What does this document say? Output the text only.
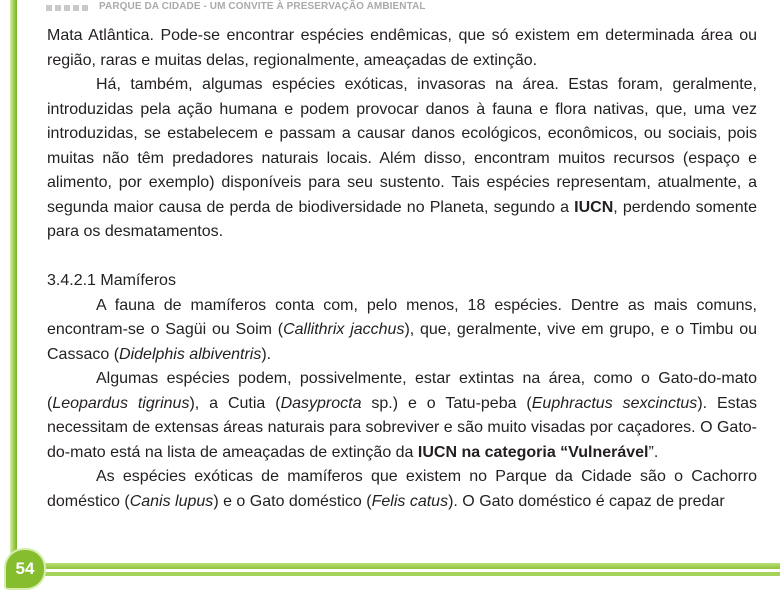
PARQUE DA CIDADE - UM CONVITE À PRESERVAÇÃO AMBIENTAL

Mata Atlântica. Pode-se encontrar espécies endêmicas, que só existem em determinada área ou região, raras e muitas delas, regionalmente, ameaçadas de extinção.

Há, também, algumas espécies exóticas, invasoras na área. Estas foram, geralmente, introduzidas pela ação humana e podem provocar danos à fauna e flora nativas, que, uma vez introduzidas, se estabelecem e passam a causar danos ecológicos, econômicos, ou sociais, pois muitas não têm predadores naturais locais. Além disso, encontram muitos recursos (espaço e alimento, por exemplo) disponíveis para seu sustento. Tais espécies representam, atualmente, a segunda maior causa de perda de biodiversidade no Planeta, segundo a IUCN, perdendo somente para os desmatamentos.

3.4.2.1 Mamíferos

A fauna de mamíferos conta com, pelo menos, 18 espécies. Dentre as mais comuns, encontram-se o Sagüi ou Soim (Callithrix jacchus), que, geralmente, vive em grupo, e o Timbu ou Cassaco (Didelphis albiventris).

Algumas espécies podem, possivelmente, estar extintas na área, como o Gato-do-mato (Leopardus tigrinus), a Cutia (Dasyprocta sp.) e o Tatu-peba (Euphractus sexcinctus). Estas necessitam de extensas áreas naturais para sobreviver e são muito visadas por caçadores. O Gato-do-mato está na lista de ameaçadas de extinção da IUCN na categoria “Vulnerável”.

As espécies exóticas de mamíferos que existem no Parque da Cidade são o Cachorro doméstico (Canis lupus) e o Gato doméstico (Felis catus). O Gato doméstico é capaz de predar

54
